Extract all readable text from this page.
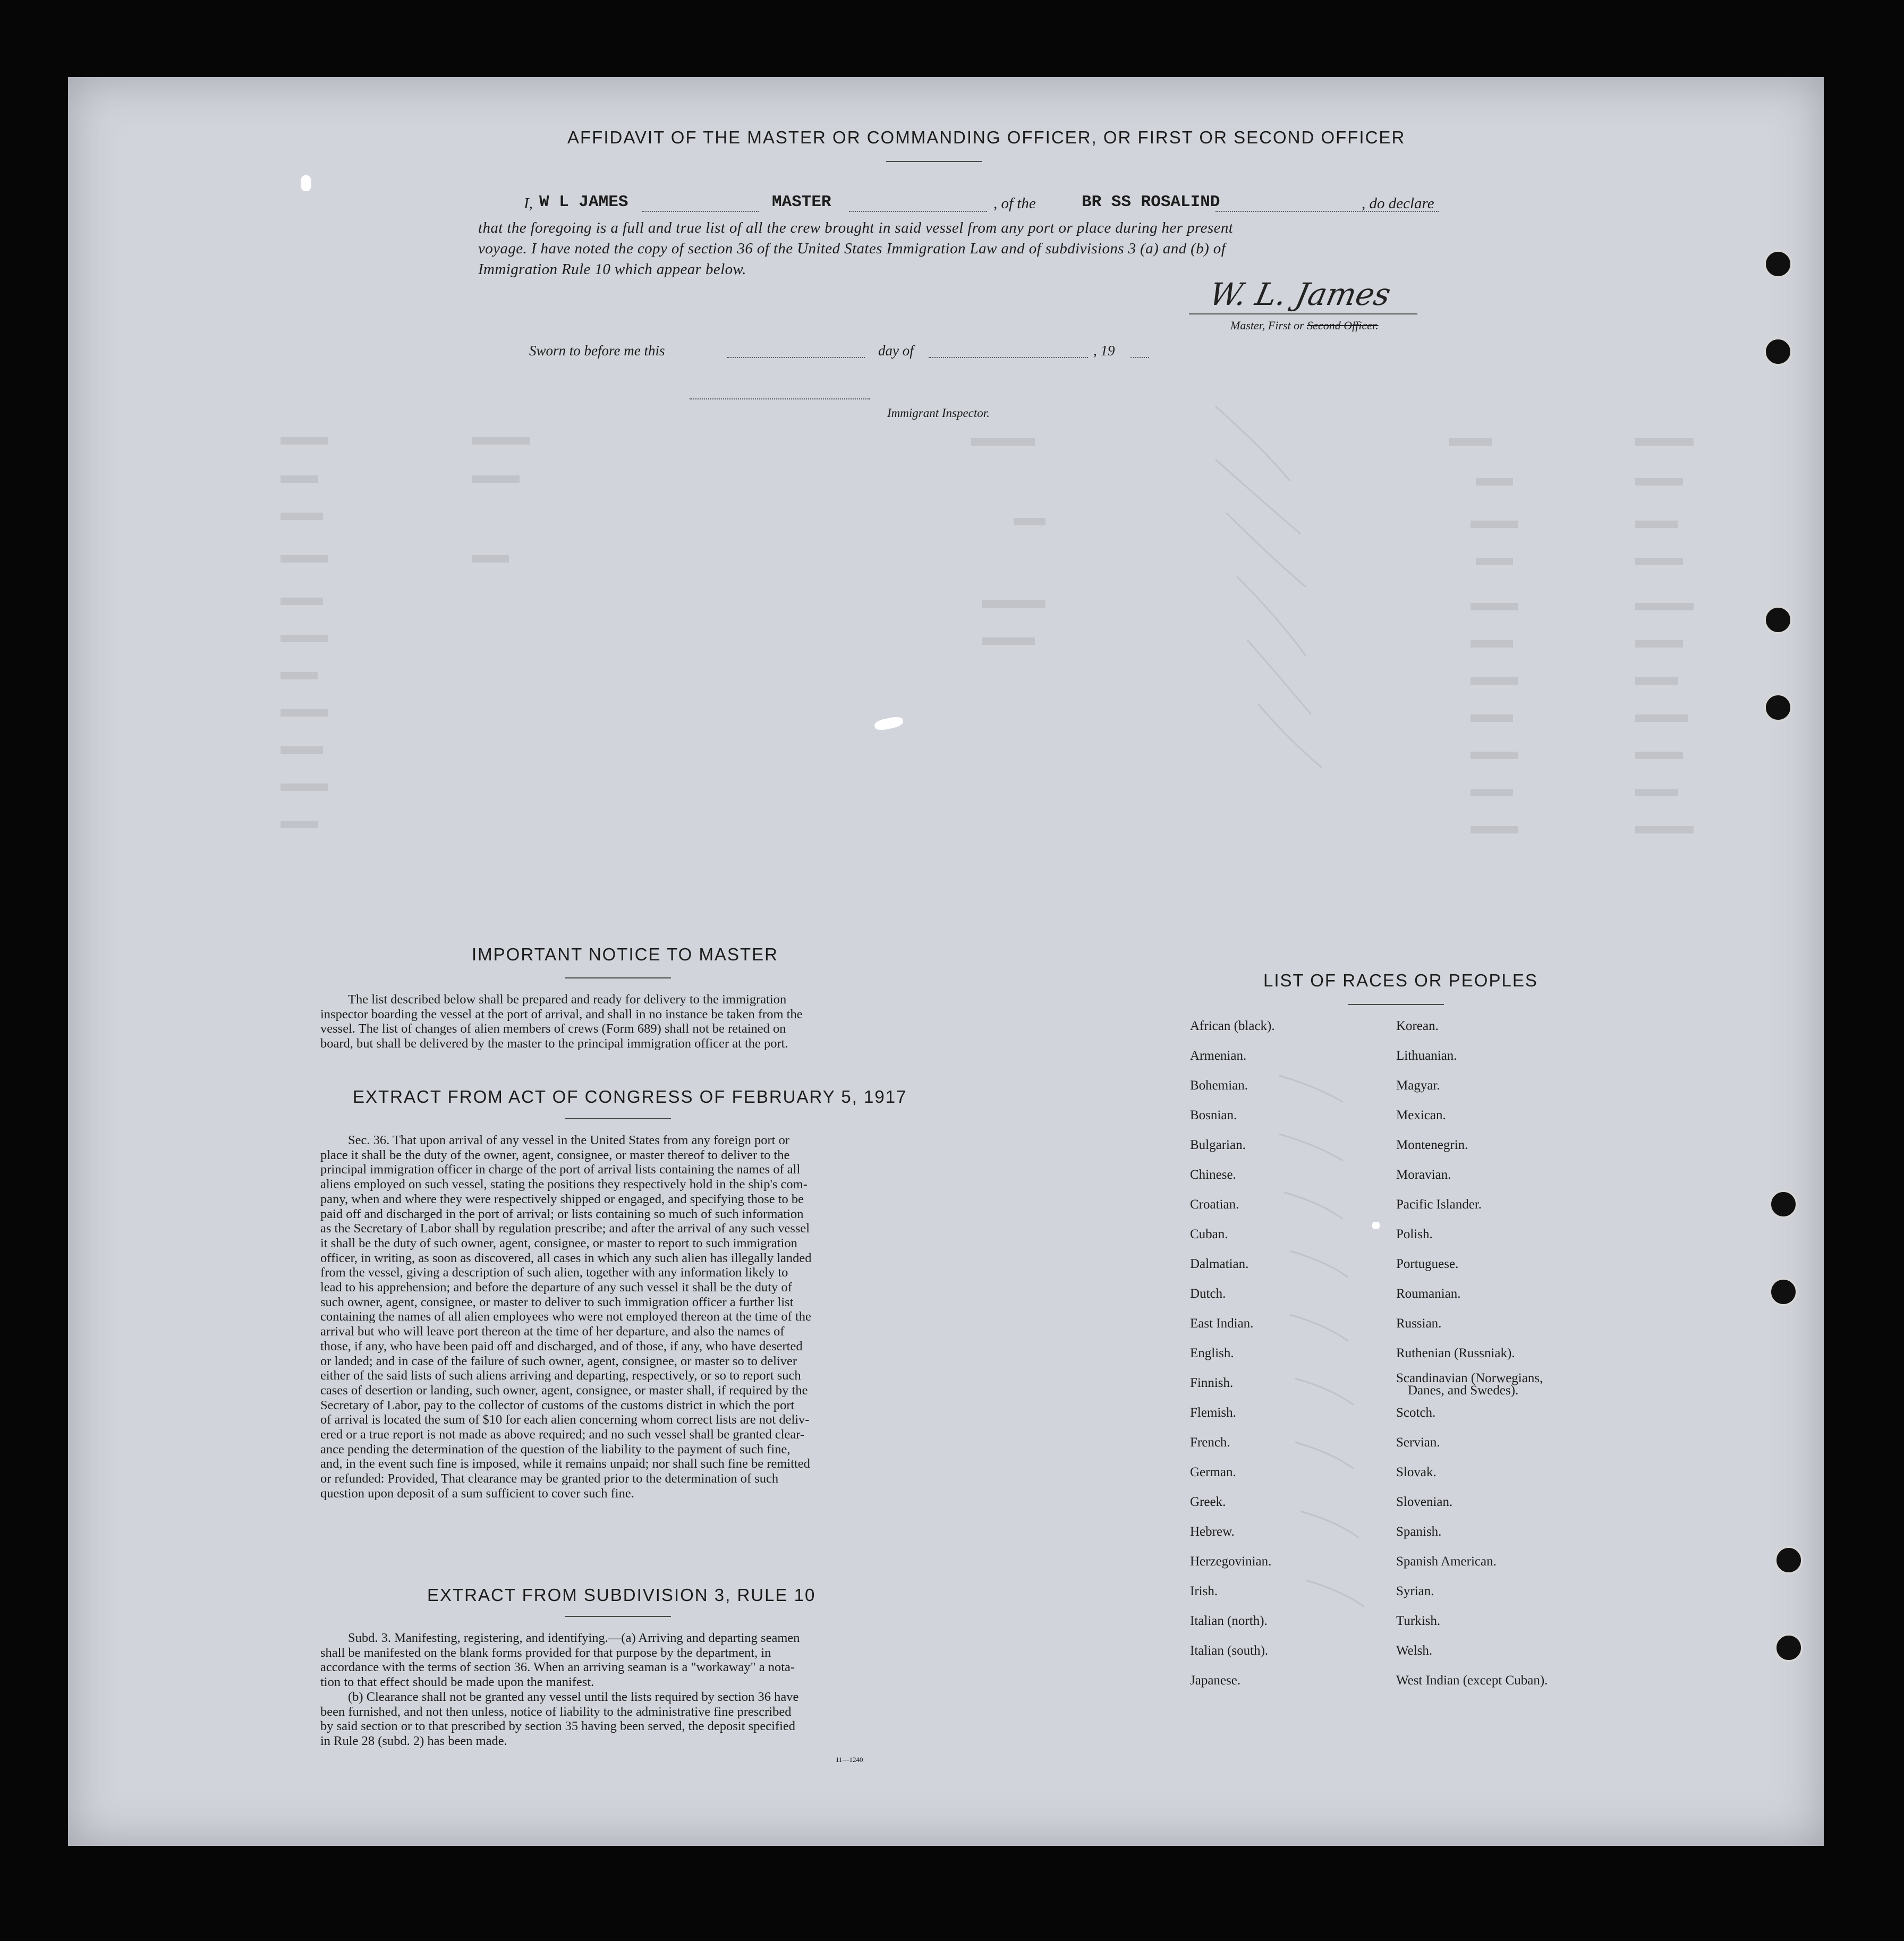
AFFIDAVIT OF THE MASTER OR COMMANDING OFFICER, OR FIRST OR SECOND OFFICER
I, W L JAMES	MASTER	, of the	BR SS ROSALIND	, do declare
that the foregoing is a full and true list of all the crew brought in said vessel from any port or place during her present
voyage. I have noted the copy of section 36 of the United States Immigration Law and of subdivisions 3 (a) and (b) of
Immigration Rule 10 which appear below.
W. L. James
Master, First or Second Officer.
Sworn to before me this	day of	, 19
Immigrant Inspector.
IMPORTANT NOTICE TO MASTER

The list described below shall be prepared and ready for delivery to the immigration

inspector boarding the vessel at the port of arrival, and shall in no instance be taken from the

vessel. The list of changes of alien members of crews (Form 689) shall not be retained on

board, but shall be delivered by the master to the principal immigration officer at the port.

EXTRACT FROM ACT OF CONGRESS OF FEBRUARY 5, 1917

Sec. 36. That upon arrival of any vessel in the United States from any foreign port or

place it shall be the duty of the owner, agent, consignee, or master thereof to deliver to the

principal immigration officer in charge of the port of arrival lists containing the names of all

aliens employed on such vessel, stating the positions they respectively hold in the ship's com-

pany, when and where they were respectively shipped or engaged, and specifying those to be

paid off and discharged in the port of arrival; or lists containing so much of such information

as the Secretary of Labor shall by regulation prescribe; and after the arrival of any such vessel

it shall be the duty of such owner, agent, consignee, or master to report to such immigration

officer, in writing, as soon as discovered, all cases in which any such alien has illegally landed

from the vessel, giving a description of such alien, together with any information likely to

lead to his apprehension; and before the departure of any such vessel it shall be the duty of

such owner, agent, consignee, or master to deliver to such immigration officer a further list

containing the names of all alien employees who were not employed thereon at the time of the

arrival but who will leave port thereon at the time of her departure, and also the names of

those, if any, who have been paid off and discharged, and of those, if any, who have deserted

or landed; and in case of the failure of such owner, agent, consignee, or master so to deliver

either of the said lists of such aliens arriving and departing, respectively, or so to report such

cases of desertion or landing, such owner, agent, consignee, or master shall, if required by the

Secretary of Labor, pay to the collector of customs of the customs district in which the port

of arrival is located the sum of $10 for each alien concerning whom correct lists are not deliv-

ered or a true report is not made as above required; and no such vessel shall be granted clear-

ance pending the determination of the question of the liability to the payment of such fine,

and, in the event such fine is imposed, while it remains unpaid; nor shall such fine be remitted

or refunded: Provided, That clearance may be granted prior to the determination of such

question upon deposit of a sum sufficient to cover such fine.

EXTRACT FROM SUBDIVISION 3, RULE 10

Subd. 3. Manifesting, registering, and identifying.—(a) Arriving and departing seamen

shall be manifested on the blank forms provided for that purpose by the department, in

accordance with the terms of section 36. When an arriving seaman is a "workaway" a nota-

tion to that effect should be made upon the manifest.

(b) Clearance shall not be granted any vessel until the lists required by section 36 have

been furnished, and not then unless, notice of liability to the administrative fine prescribed

by said section or to that prescribed by section 35 having been served, the deposit specified

in Rule 28 (subd. 2) has been made.

11—1240
LIST OF RACES OR PEOPLES
African (black).
Armenian.
Bohemian.
Bosnian.
Bulgarian.
Chinese.
Croatian.
Cuban.
Dalmatian.
Dutch.
East Indian.
English.
Finnish.
Flemish.
French.
German.
Greek.
Hebrew.
Herzegovinian.
Irish.
Italian (north).
Italian (south).
Japanese.
Korean.
Lithuanian.
Magyar.
Mexican.
Montenegrin.
Moravian.
Pacific Islander.
Polish.
Portuguese.
Roumanian.
Russian.
Ruthenian (Russniak).
Scandinavian (Norwegians,
Danes, and Swedes).
Scotch.
Servian.
Slovak.
Slovenian.
Spanish.
Spanish American.
Syrian.
Turkish.
Welsh.
West Indian (except Cuban).
